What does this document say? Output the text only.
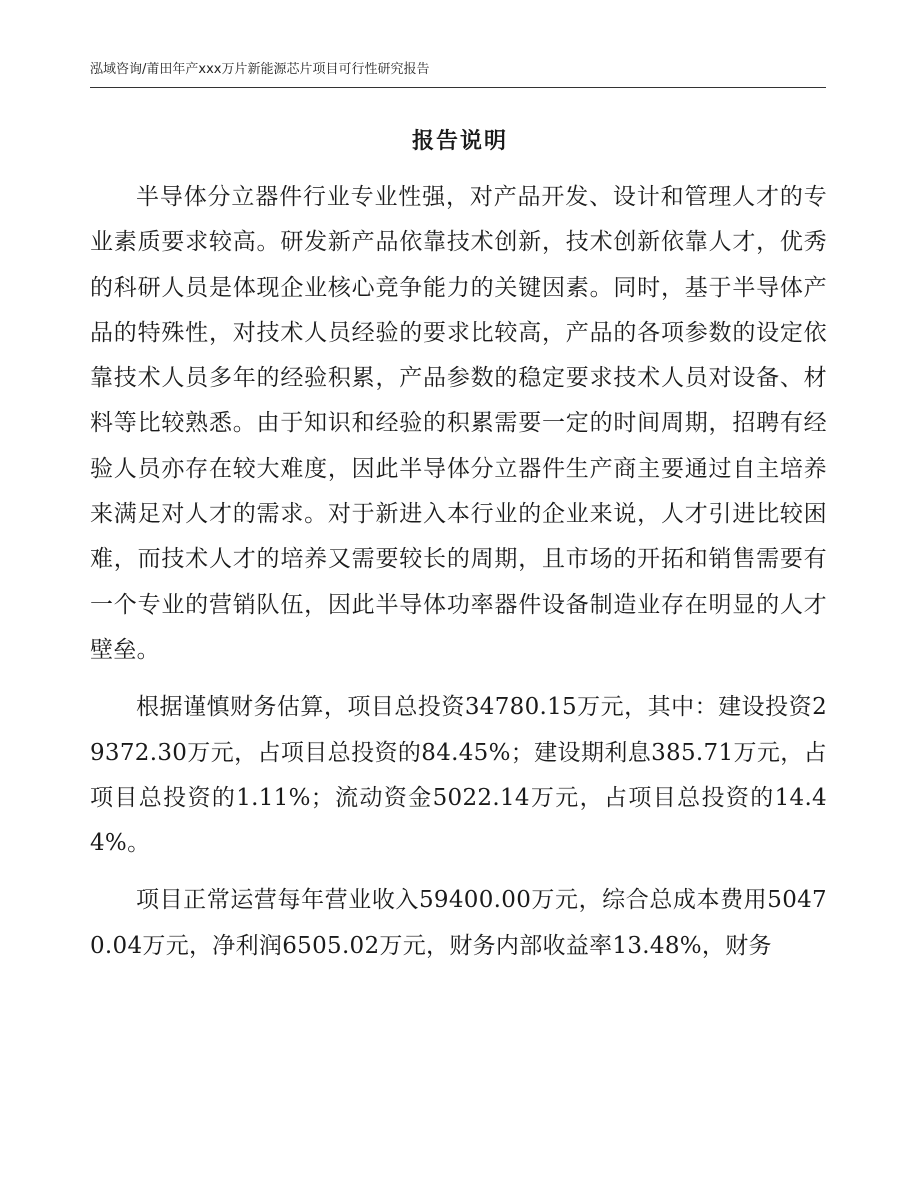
泓域咨询/莆田年产xxx万片新能源芯片项目可行性研究报告
报告说明

半导体分立器件行业专业性强，对产品开发、设计和管理人才的专业素质要求较高。研发新产品依靠技术创新，技术创新依靠人才，优秀的科研人员是体现企业核心竞争能力的关键因素。同时，基于半导体产品的特殊性，对技术人员经验的要求比较高，产品的各项参数的设定依靠技术人员多年的经验积累，产品参数的稳定要求技术人员对设备、材料等比较熟悉。由于知识和经验的积累需要一定的时间周期，招聘有经验人员亦存在较大难度，因此半导体分立器件生产商主要通过自主培养来满足对人才的需求。对于新进入本行业的企业来说，人才引进比较困难，而技术人才的培养又需要较长的周期，且市场的开拓和销售需要有一个专业的营销队伍，因此半导体功率器件设备制造业存在明显的人才壁垒。

根据谨慎财务估算，项目总投资34780.15万元，其中：建设投资29372.30万元，占项目总投资的84.45%；建设期利息385.71万元，占项目总投资的1.11%；流动资金5022.14万元，占项目总投资的14.44%。

项目正常运营每年营业收入59400.00万元，综合总成本费用50470.04万元，净利润6505.02万元，财务内部收益率13.48%，财务
